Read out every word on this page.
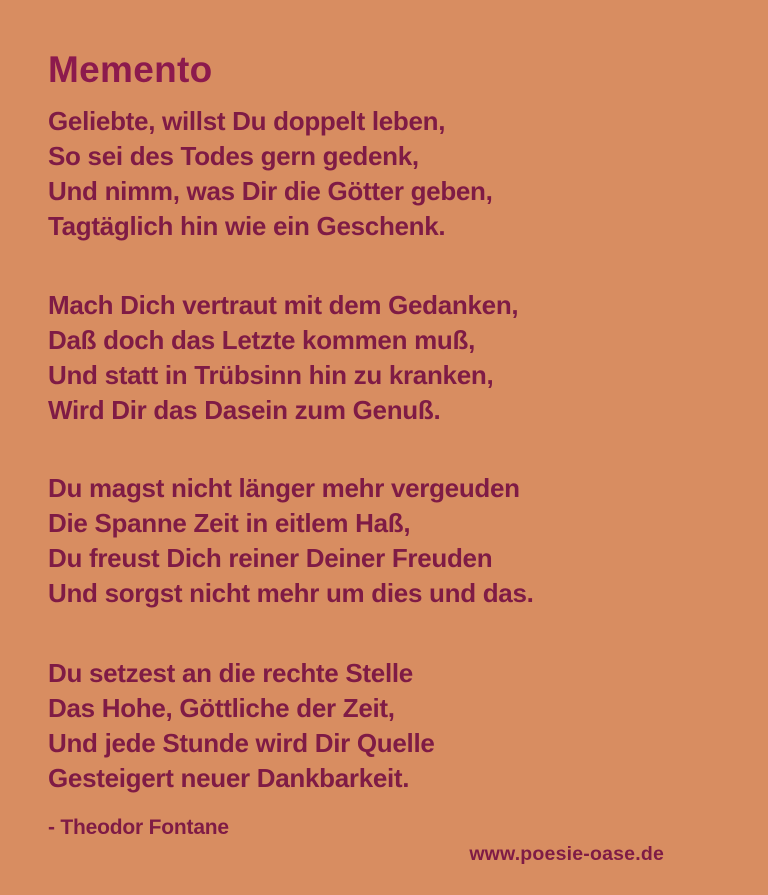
Memento
Geliebte, willst Du doppelt leben,
So sei des Todes gern gedenk,
Und nimm, was Dir die Götter geben,
Tagtäglich hin wie ein Geschenk.
Mach Dich vertraut mit dem Gedanken,
Daß doch das Letzte kommen muß,
Und statt in Trübsinn hin zu kranken,
Wird Dir das Dasein zum Genuß.
Du magst nicht länger mehr vergeuden
Die Spanne Zeit in eitlem Haß,
Du freust Dich reiner Deiner Freuden
Und sorgst nicht mehr um dies und das.
Du setzest an die rechte Stelle
Das Hohe, Göttliche der Zeit,
Und jede Stunde wird Dir Quelle
Gesteigert neuer Dankbarkeit.
- Theodor Fontane
www.poesie-oase.de
